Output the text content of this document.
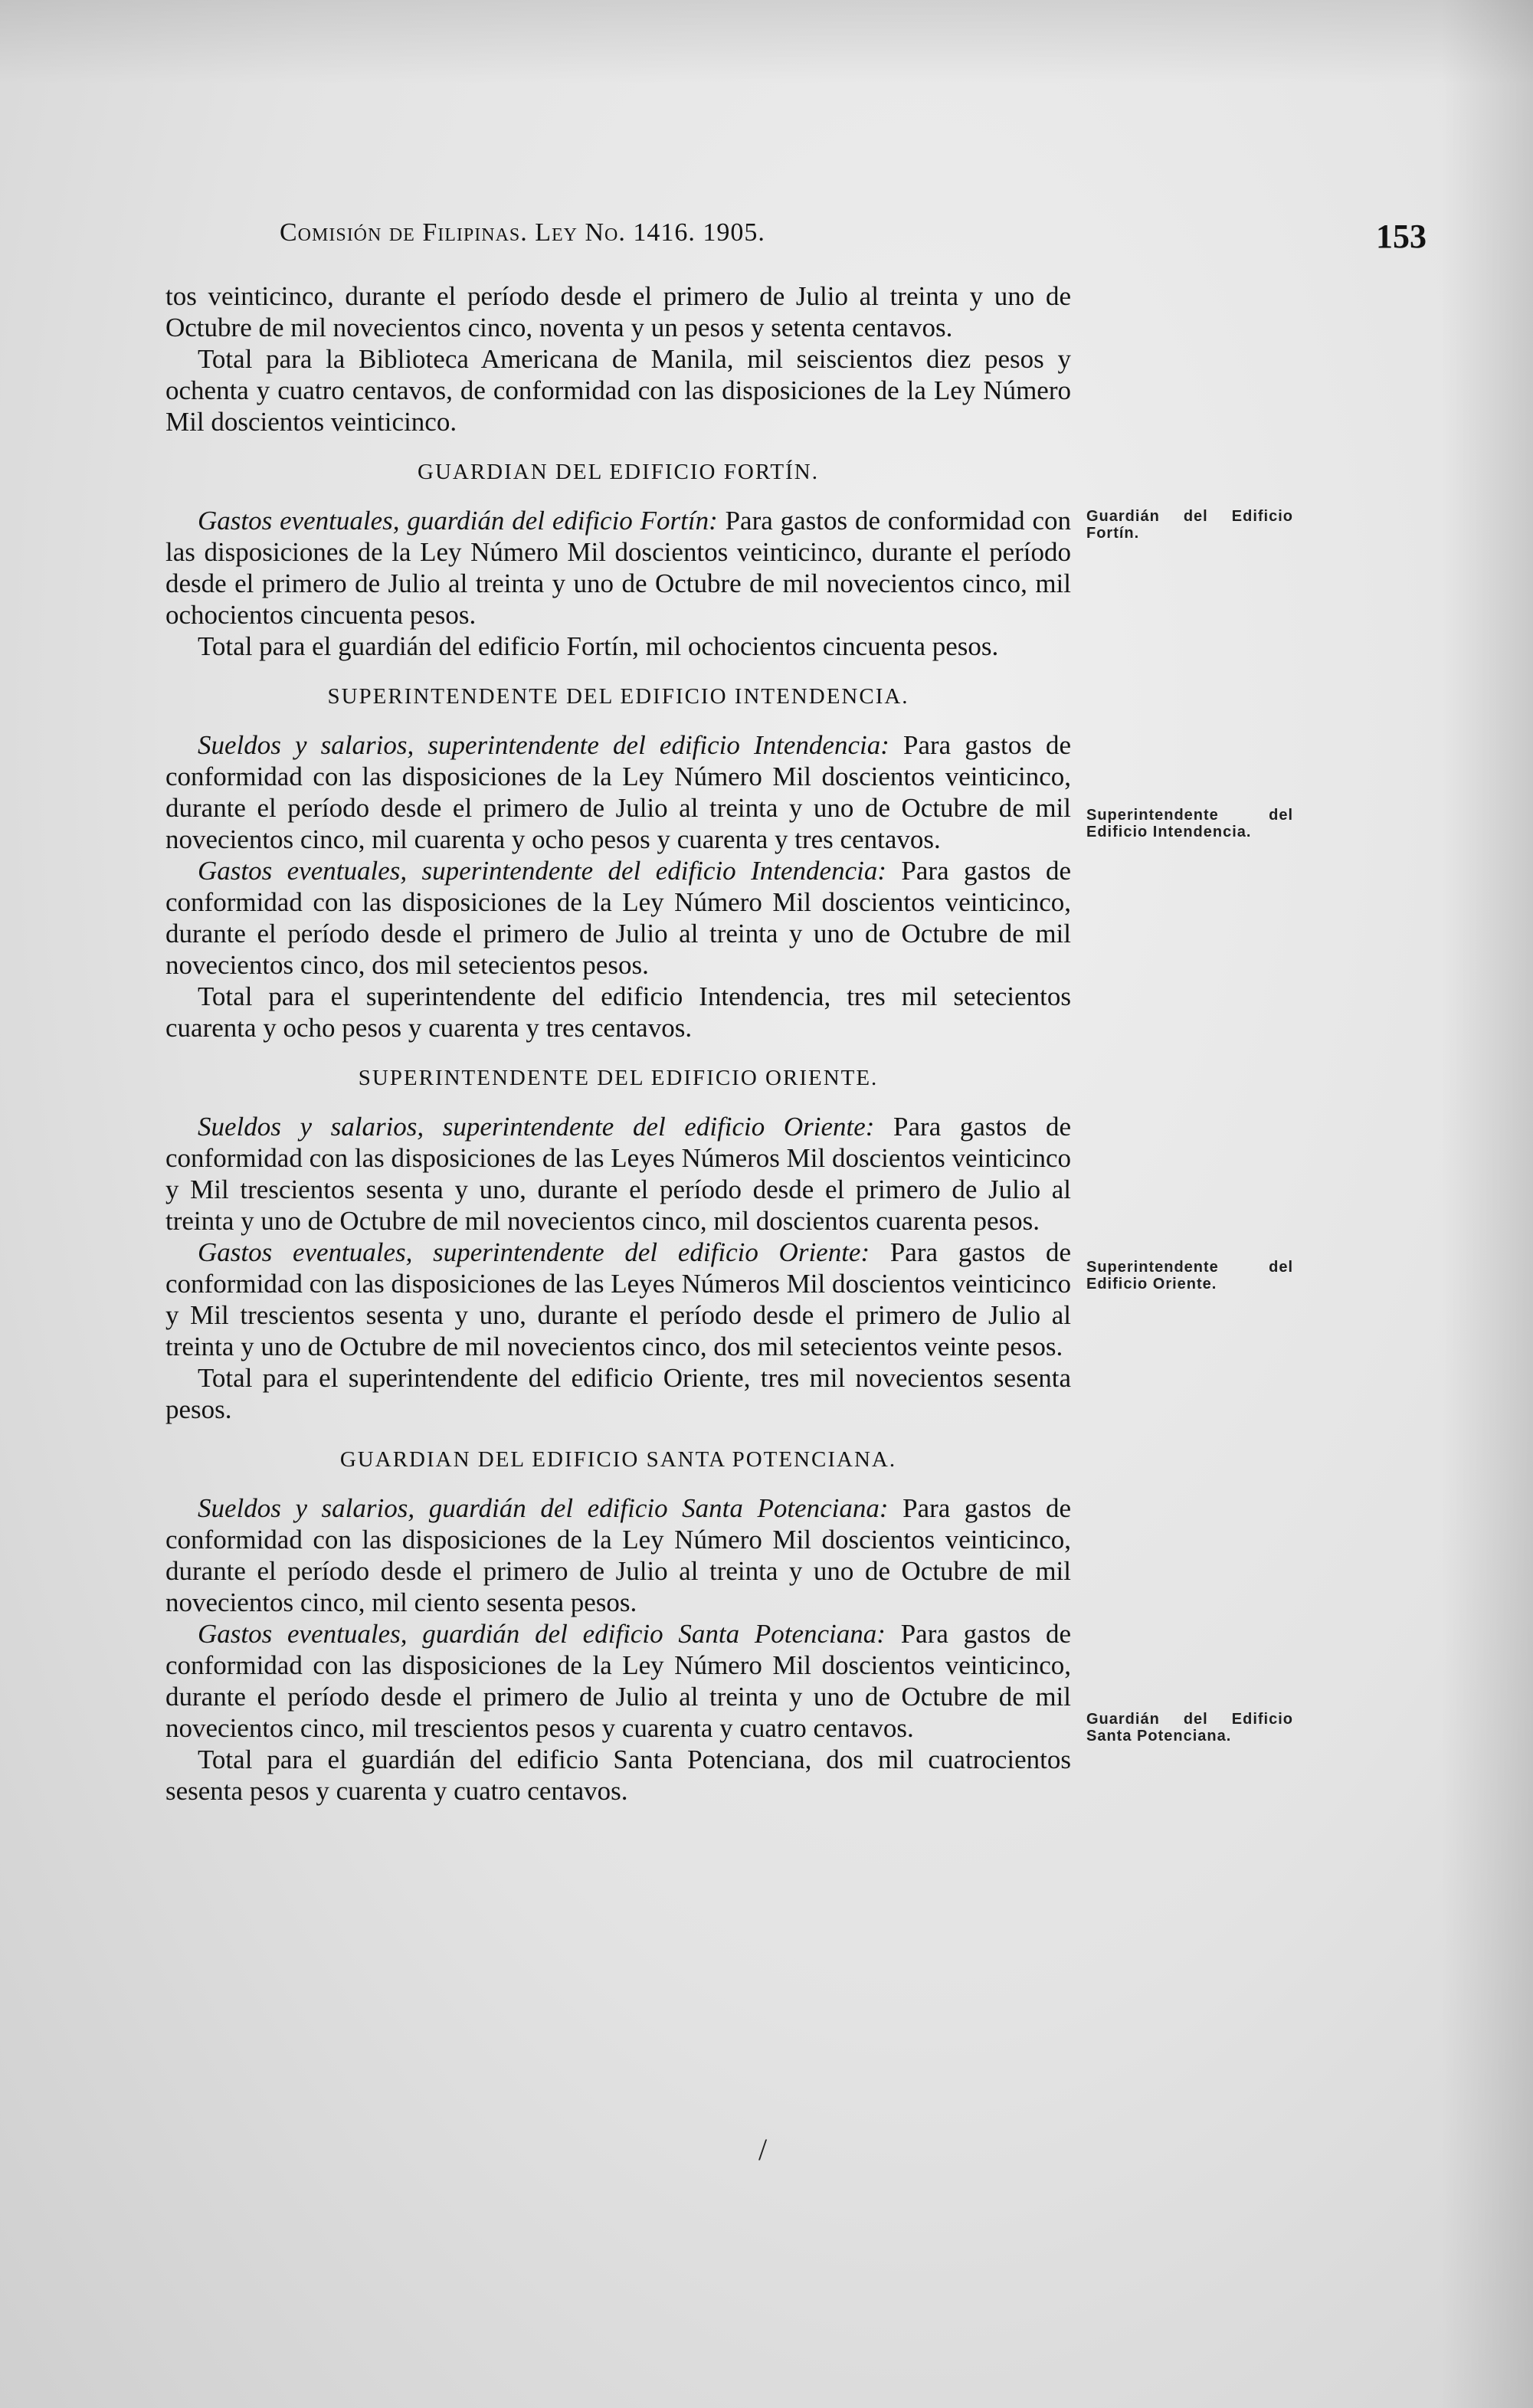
Comisión de Filipinas. Ley No. 1416. 1905.	153

tos veinticinco, durante el período desde el primero de Julio al treinta y uno de Octubre de mil novecientos cinco, noventa y un pesos y setenta centavos.

Total para la Biblioteca Americana de Manila, mil seiscientos diez pesos y ochenta y cuatro centavos, de conformidad con las disposiciones de la Ley Número Mil doscientos veinticinco.

GUARDIAN DEL EDIFICIO FORTÍN.

Gastos eventuales, guardián del edificio Fortín: Para gastos de conformidad con las disposiciones de la Ley Número Mil doscientos veinticinco, durante el período desde el primero de Julio al treinta y uno de Octubre de mil novecientos cinco, mil ochocientos cincuenta pesos.

Total para el guardián del edificio Fortín, mil ochocientos cincuenta pesos.

SUPERINTENDENTE DEL EDIFICIO INTENDENCIA.

Sueldos y salarios, superintendente del edificio Intendencia: Para gastos de conformidad con las disposiciones de la Ley Número Mil doscientos veinticinco, durante el período desde el primero de Julio al treinta y uno de Octubre de mil novecientos cinco, mil cuarenta y ocho pesos y cuarenta y tres centavos.

Gastos eventuales, superintendente del edificio Intendencia: Para gastos de conformidad con las disposiciones de la Ley Número Mil doscientos veinticinco, durante el período desde el primero de Julio al treinta y uno de Octubre de mil novecientos cinco, dos mil setecientos pesos.

Total para el superintendente del edificio Intendencia, tres mil setecientos cuarenta y ocho pesos y cuarenta y tres centavos.

SUPERINTENDENTE DEL EDIFICIO ORIENTE.

Sueldos y salarios, superintendente del edificio Oriente: Para gastos de conformidad con las disposiciones de las Leyes Números Mil doscientos veinticinco y Mil trescientos sesenta y uno, durante el período desde el primero de Julio al treinta y uno de Octubre de mil novecientos cinco, mil doscientos cuarenta pesos.

Gastos eventuales, superintendente del edificio Oriente: Para gastos de conformidad con las disposiciones de las Leyes Números Mil doscientos veinticinco y Mil trescientos sesenta y uno, durante el período desde el primero de Julio al treinta y uno de Octubre de mil novecientos cinco, dos mil setecientos veinte pesos.

Total para el superintendente del edificio Oriente, tres mil novecientos sesenta pesos.

GUARDIAN DEL EDIFICIO SANTA POTENCIANA.

Sueldos y salarios, guardián del edificio Santa Potenciana: Para gastos de conformidad con las disposiciones de la Ley Número Mil doscientos veinticinco, durante el período desde el primero de Julio al treinta y uno de Octubre de mil novecientos cinco, mil ciento sesenta pesos.

Gastos eventuales, guardián del edificio Santa Potenciana: Para gastos de conformidad con las disposiciones de la Ley Número Mil doscientos veinticinco, durante el período desde el primero de Julio al treinta y uno de Octubre de mil novecientos cinco, mil trescientos pesos y cuarenta y cuatro centavos.

Total para el guardián del edificio Santa Potenciana, dos mil cuatrocientos sesenta pesos y cuarenta y cuatro centavos.

Guardián del Edificio Fortín.
Superintendente del Edificio Intendencia.
Superintendente del Edificio Oriente.
Guardián del Edificio Santa Potenciana.
/
